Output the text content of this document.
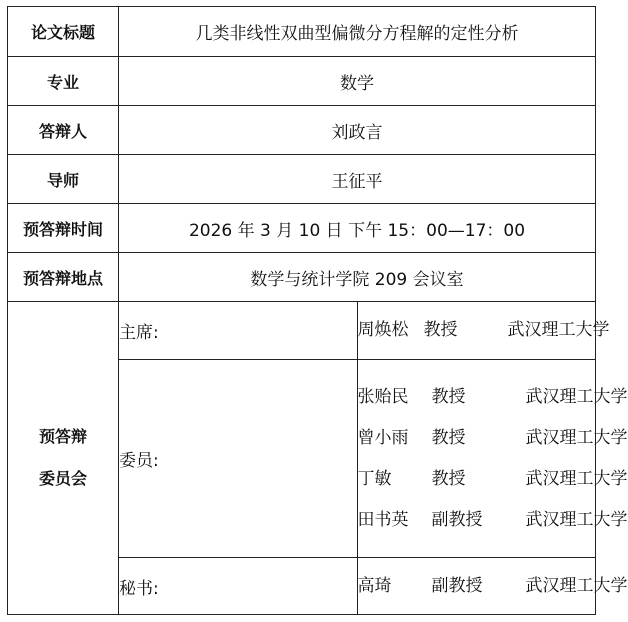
论文标题	几类非线性双曲型偏微分方程解的定性分析	
专业	数学	
答辩人	刘政言	
导师	王征平	
预答辩时间	2026 年 3 月 10 日 下午 15：00—17：00	
预答辩地点	数学与统计学院 209 会议室	

预答辩
委员会	主席:	周焕松 教授 武汉理工大学

	委员:	张贻民 教授 武汉理工大学
曾小雨 教授 武汉理工大学
丁敏 教授 武汉理工大学
田书英 副教授 武汉理工大学

	秘书:	高琦 副教授 武汉理工大学
